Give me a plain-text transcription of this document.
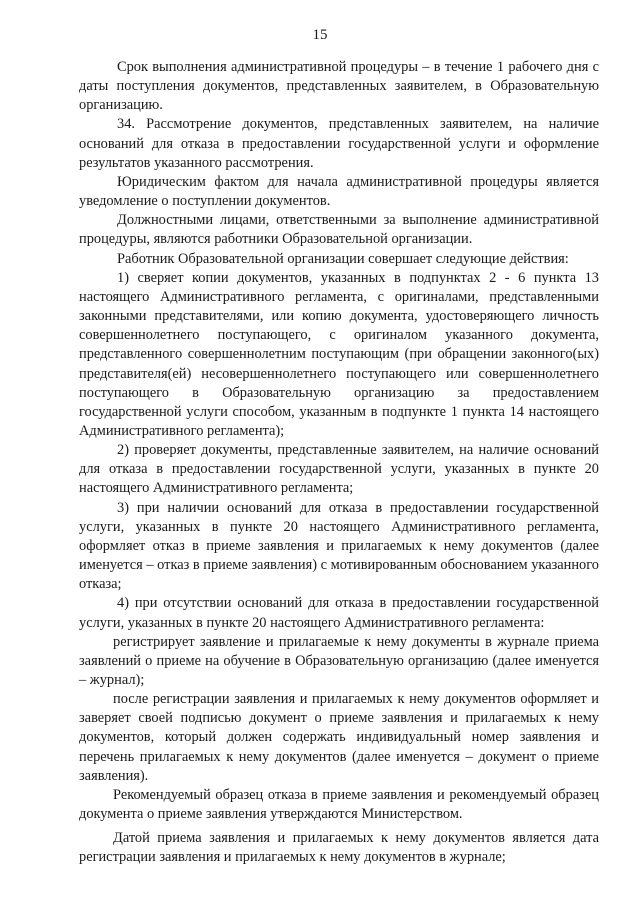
15

Срок выполнения административной процедуры – в течение 1 рабочего дня с даты поступления документов, представленных заявителем, в Образовательную организацию.

34. Рассмотрение документов, представленных заявителем, на наличие оснований для отказа в предоставлении государственной услуги и оформление результатов указанного рассмотрения.

Юридическим фактом для начала административной процедуры является уведомление о поступлении документов.

Должностными лицами, ответственными за выполнение административной процедуры, являются работники Образовательной организации.

Работник Образовательной организации совершает следующие действия:

1) сверяет копии документов, указанных в подпунктах 2 - 6 пункта 13 настоящего Административного регламента, с оригиналами, представленными законными представителями, или копию документа, удостоверяющего личность совершеннолетнего поступающего, с оригиналом указанного документа, представленного совершеннолетним поступающим (при обращении законного(ых) представителя(ей) несовершеннолетнего поступающего или совершеннолетнего поступающего в Образовательную организацию за предоставлением государственной услуги способом, указанным в подпункте 1 пункта 14 настоящего Административного регламента);

2) проверяет документы, представленные заявителем, на наличие оснований для отказа в предоставлении государственной услуги, указанных в пункте 20 настоящего Административного регламента;

3) при наличии оснований для отказа в предоставлении государственной услуги, указанных в пункте 20 настоящего Административного регламента, оформляет отказ в приеме заявления и прилагаемых к нему документов (далее именуется – отказ в приеме заявления) с мотивированным обоснованием указанного отказа;

4) при отсутствии оснований для отказа в предоставлении государственной услуги, указанных в пункте 20 настоящего Административного регламента:

регистрирует заявление и прилагаемые к нему документы в журнале приема заявлений о приеме на обучение в Образовательную организацию (далее именуется – журнал);

после регистрации заявления и прилагаемых к нему документов оформляет и заверяет своей подписью документ о приеме заявления и прилагаемых к нему документов, который должен содержать индивидуальный номер заявления и перечень прилагаемых к нему документов (далее именуется – документ о приеме заявления).

Рекомендуемый образец отказа в приеме заявления и рекомендуемый образец документа о приеме заявления утверждаются Министерством.

Датой приема заявления и прилагаемых к нему документов является дата регистрации заявления и прилагаемых к нему документов в журнале;
